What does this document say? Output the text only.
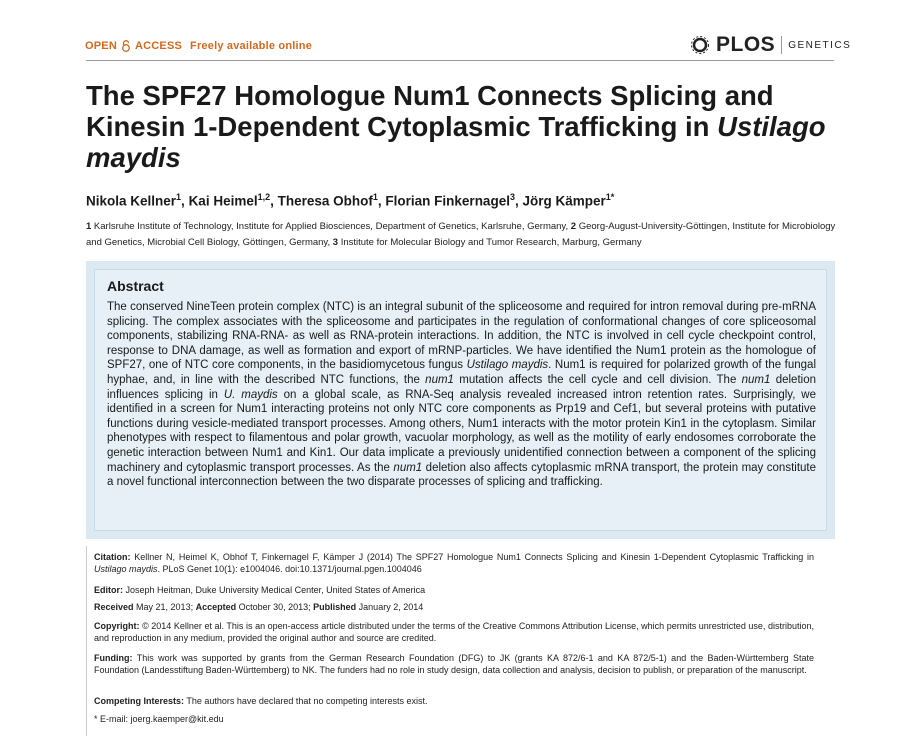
OPEN ACCESS Freely available online	PLOS GENETICS
The SPF27 Homologue Num1 Connects Splicing and
Kinesin 1-Dependent Cytoplasmic Trafficking in Ustilago
maydis
Nikola Kellner$^1$, Kai Heimel$^{1,2}$, Theresa Obhof$^1$, Florian Finkernagel$^3$, Jörg Kämper$^{1*}$
1 Karlsruhe Institute of Technology, Institute for Applied Biosciences, Department of Genetics, Karlsruhe, Germany, 2 Georg-August-University-Göttingen, Institute for Microbiology and Genetics, Microbial Cell Biology, Göttingen, Germany, 3 Institute for Molecular Biology and Tumor Research, Marburg, Germany
Abstract
The conserved NineTeen protein complex (NTC) is an integral subunit of the spliceosome and required for intron removal during pre-mRNA splicing. The complex associates with the spliceosome and participates in the regulation of conformational changes of core spliceosomal components, stabilizing RNA-RNA- as well as RNA-protein interactions. In addition, the NTC is involved in cell cycle checkpoint control, response to DNA damage, as well as formation and export of mRNP-particles. We have identified the Num1 protein as the homologue of SPF27, one of NTC core components, in the basidiomycetous fungus Ustilago maydis. Num1 is required for polarized growth of the fungal hyphae, and, in line with the described NTC functions, the num1 mutation affects the cell cycle and cell division. The num1 deletion influences splicing in U. maydis on a global scale, as RNA-Seq analysis revealed increased intron retention rates. Surprisingly, we identified in a screen for Num1 interacting proteins not only NTC core components as Prp19 and Cef1, but several proteins with putative functions during vesicle-mediated transport processes. Among others, Num1 interacts with the motor protein Kin1 in the cytoplasm. Similar phenotypes with respect to filamentous and polar growth, vacuolar morphology, as well as the motility of early endosomes corroborate the genetic interaction between Num1 and Kin1. Our data implicate a previously unidentified connection between a component of the splicing machinery and cytoplasmic transport processes. As the num1 deletion also affects cytoplasmic mRNA transport, the protein may constitute a novel functional interconnection between the two disparate processes of splicing and trafficking.
Citation: Kellner N, Heimel K, Obhof T, Finkernagel F, Kämper J (2014) The SPF27 Homologue Num1 Connects Splicing and Kinesin 1-Dependent Cytoplasmic Trafficking in Ustilago maydis. PLoS Genet 10(1): e1004046. doi:10.1371/journal.pgen.1004046
Editor: Joseph Heitman, Duke University Medical Center, United States of America
Received May 21, 2013; Accepted October 30, 2013; Published January 2, 2014
Copyright: © 2014 Kellner et al. This is an open-access article distributed under the terms of the Creative Commons Attribution License, which permits unrestricted use, distribution, and reproduction in any medium, provided the original author and source are credited.
Funding: This work was supported by grants from the German Research Foundation (DFG) to JK (grants KA 872/6-1 and KA 872/5-1) and the Baden-Württemberg State Foundation (Landesstiftung Baden-Württemberg) to NK. The funders had no role in study design, data collection and analysis, decision to publish, or preparation of the manuscript.
Competing Interests: The authors have declared that no competing interests exist.
* E-mail: joerg.kaemper@kit.edu
